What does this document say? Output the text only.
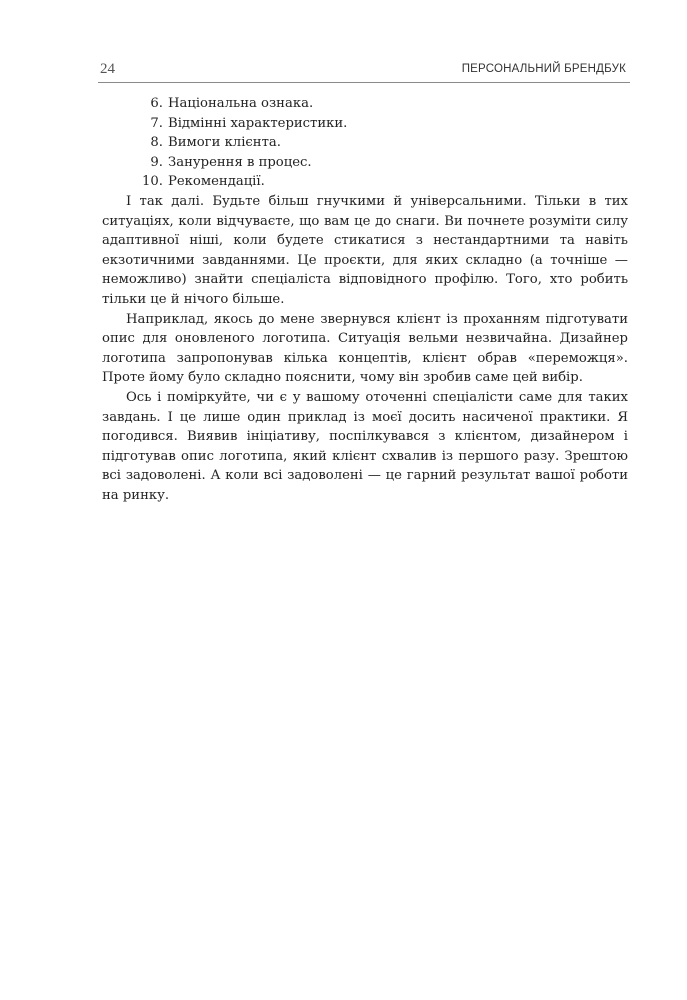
24	ПЕРСОНАЛЬНИЙ БРЕНДБУК
6. Національна ознака.
7. Відмінні характеристики.
8. Вимоги клієнта.
9. Занурення в процес.
10. Рекомендації.

І так далі. Будьте більш гнучкими й універсальними. Тільки в тих ситуаціях, коли відчуваєте, що вам це до снаги. Ви почнете розуміти силу адаптивної ніші, коли будете стикатися з нестандартними та навіть екзотичними завданнями. Це проєкти, для яких складно (а точніше — неможливо) знайти спеціаліста відповідного профілю. Того, хто робить тільки це й нічого більше.

Наприклад, якось до мене звернувся клієнт із проханням підготувати опис для оновленого логотипа. Ситуація вельми незвичайна. Дизайнер логотипа запропонував кілька концептів, клієнт обрав «переможця». Проте йому було складно пояснити, чому він зробив саме цей вибір.

Ось і поміркуйте, чи є у вашому оточенні спеціалісти саме для таких завдань. І це лише один приклад із моєї досить насиченої практики. Я погодився. Виявив ініціативу, поспілкувався з клієнтом, дизайнером і підготував опис логотипа, який клієнт схвалив із першого разу. Зрештою всі задоволені. А коли всі задоволені — це гарний результат вашої роботи на ринку.
